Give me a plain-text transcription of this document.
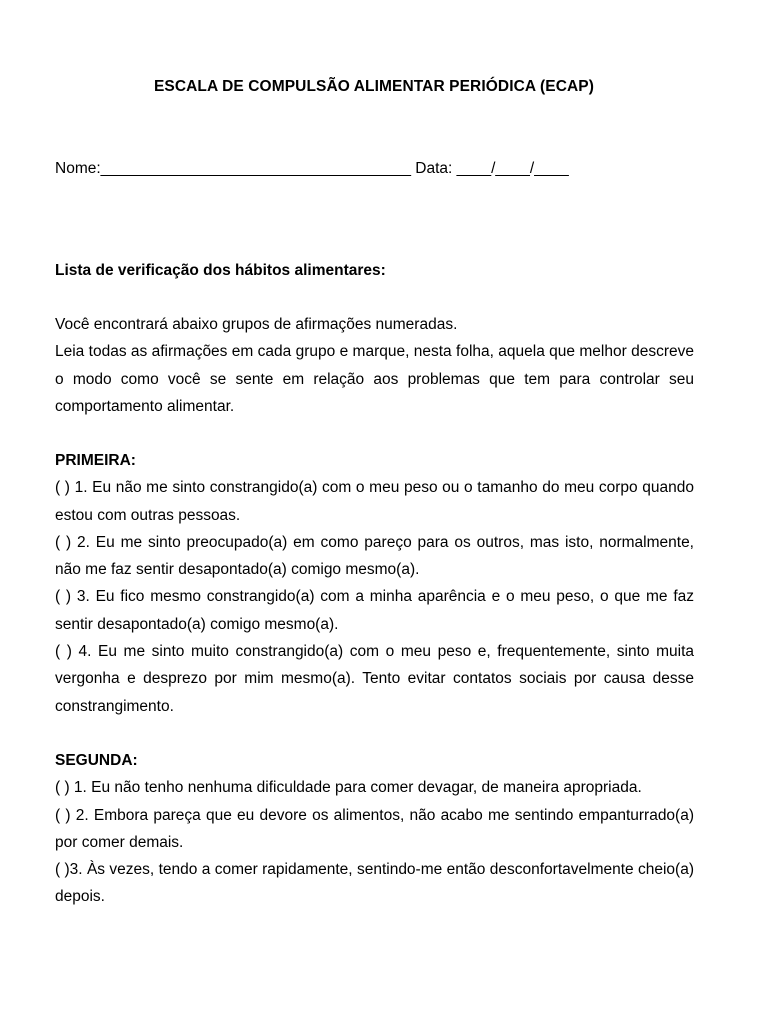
ESCALA DE COMPULSÃO ALIMENTAR PERIÓDICA (ECAP)
Nome:____________________________________ Data: ____/____/____
Lista de verificação dos hábitos alimentares:

Você encontrará abaixo grupos de afirmações numeradas.

Leia todas as afirmações em cada grupo e marque, nesta folha, aquela que melhor descreve o modo como você se sente em relação aos problemas que tem para controlar seu comportamento alimentar.

PRIMEIRA:

( ) 1. Eu não me sinto constrangido(a) com o meu peso ou o tamanho do meu corpo quando estou com outras pessoas.

( ) 2. Eu me sinto preocupado(a) em como pareço para os outros, mas isto, normalmente, não me faz sentir desapontado(a) comigo mesmo(a).

( ) 3. Eu fico mesmo constrangido(a) com a minha aparência e o meu peso, o que me faz sentir desapontado(a) comigo mesmo(a).

( ) 4. Eu me sinto muito constrangido(a) com o meu peso e, frequentemente, sinto muita vergonha e desprezo por mim mesmo(a). Tento evitar contatos sociais por causa desse constrangimento.

SEGUNDA:

( ) 1. Eu não tenho nenhuma dificuldade para comer devagar, de maneira apropriada.

( ) 2. Embora pareça que eu devore os alimentos, não acabo me sentindo empanturrado(a) por comer demais.

( )3. Às vezes, tendo a comer rapidamente, sentindo-me então desconfortavelmente cheio(a) depois.
